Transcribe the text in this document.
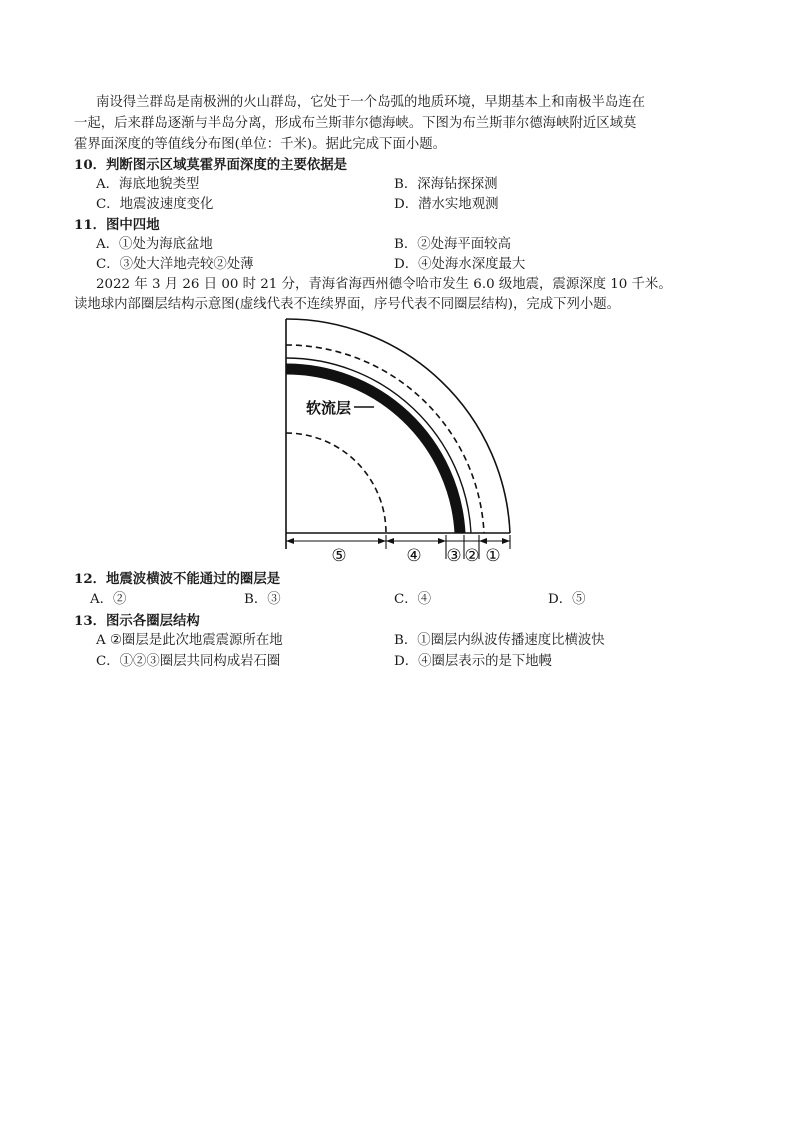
南设得兰群岛是南极洲的火山群岛，它处于一个岛弧的地质环境，早期基本上和南极半岛连在
一起，后来群岛逐渐与半岛分离，形成布兰斯菲尔德海峡。下图为布兰斯菲尔德海峡附近区域莫
霍界面深度的等值线分布图(单位：千米)。据此完成下面小题。
10．判断图示区域莫霍界面深度的主要依据是
A．海底地貌类型	B．深海钻探探测
C．地震波速度变化	D．潜水实地观测
11．图中四地
A．①处为海底盆地	B．②处海平面较高
C．③处大洋地壳较②处薄	D．④处海水深度最大
2022 年 3 月 26 日 00 时 21 分，青海省海西州德令哈市发生 6.0 级地震，震源深度 10 千米。
读地球内部圈层结构示意图(虚线代表不连续界面，序号代表不同圈层结构)，完成下列小题。
软流层
⑤	④ ③ ② ①
12．地震波横波不能通过的圈层是
A．②	B．③	C．④	D．⑤
13．图示各圈层结构
A ②圈层是此次地震震源所在地	B．①圈层内纵波传播速度比横波快
C．①②③圈层共同构成岩石圈	D．④圈层表示的是下地幔
